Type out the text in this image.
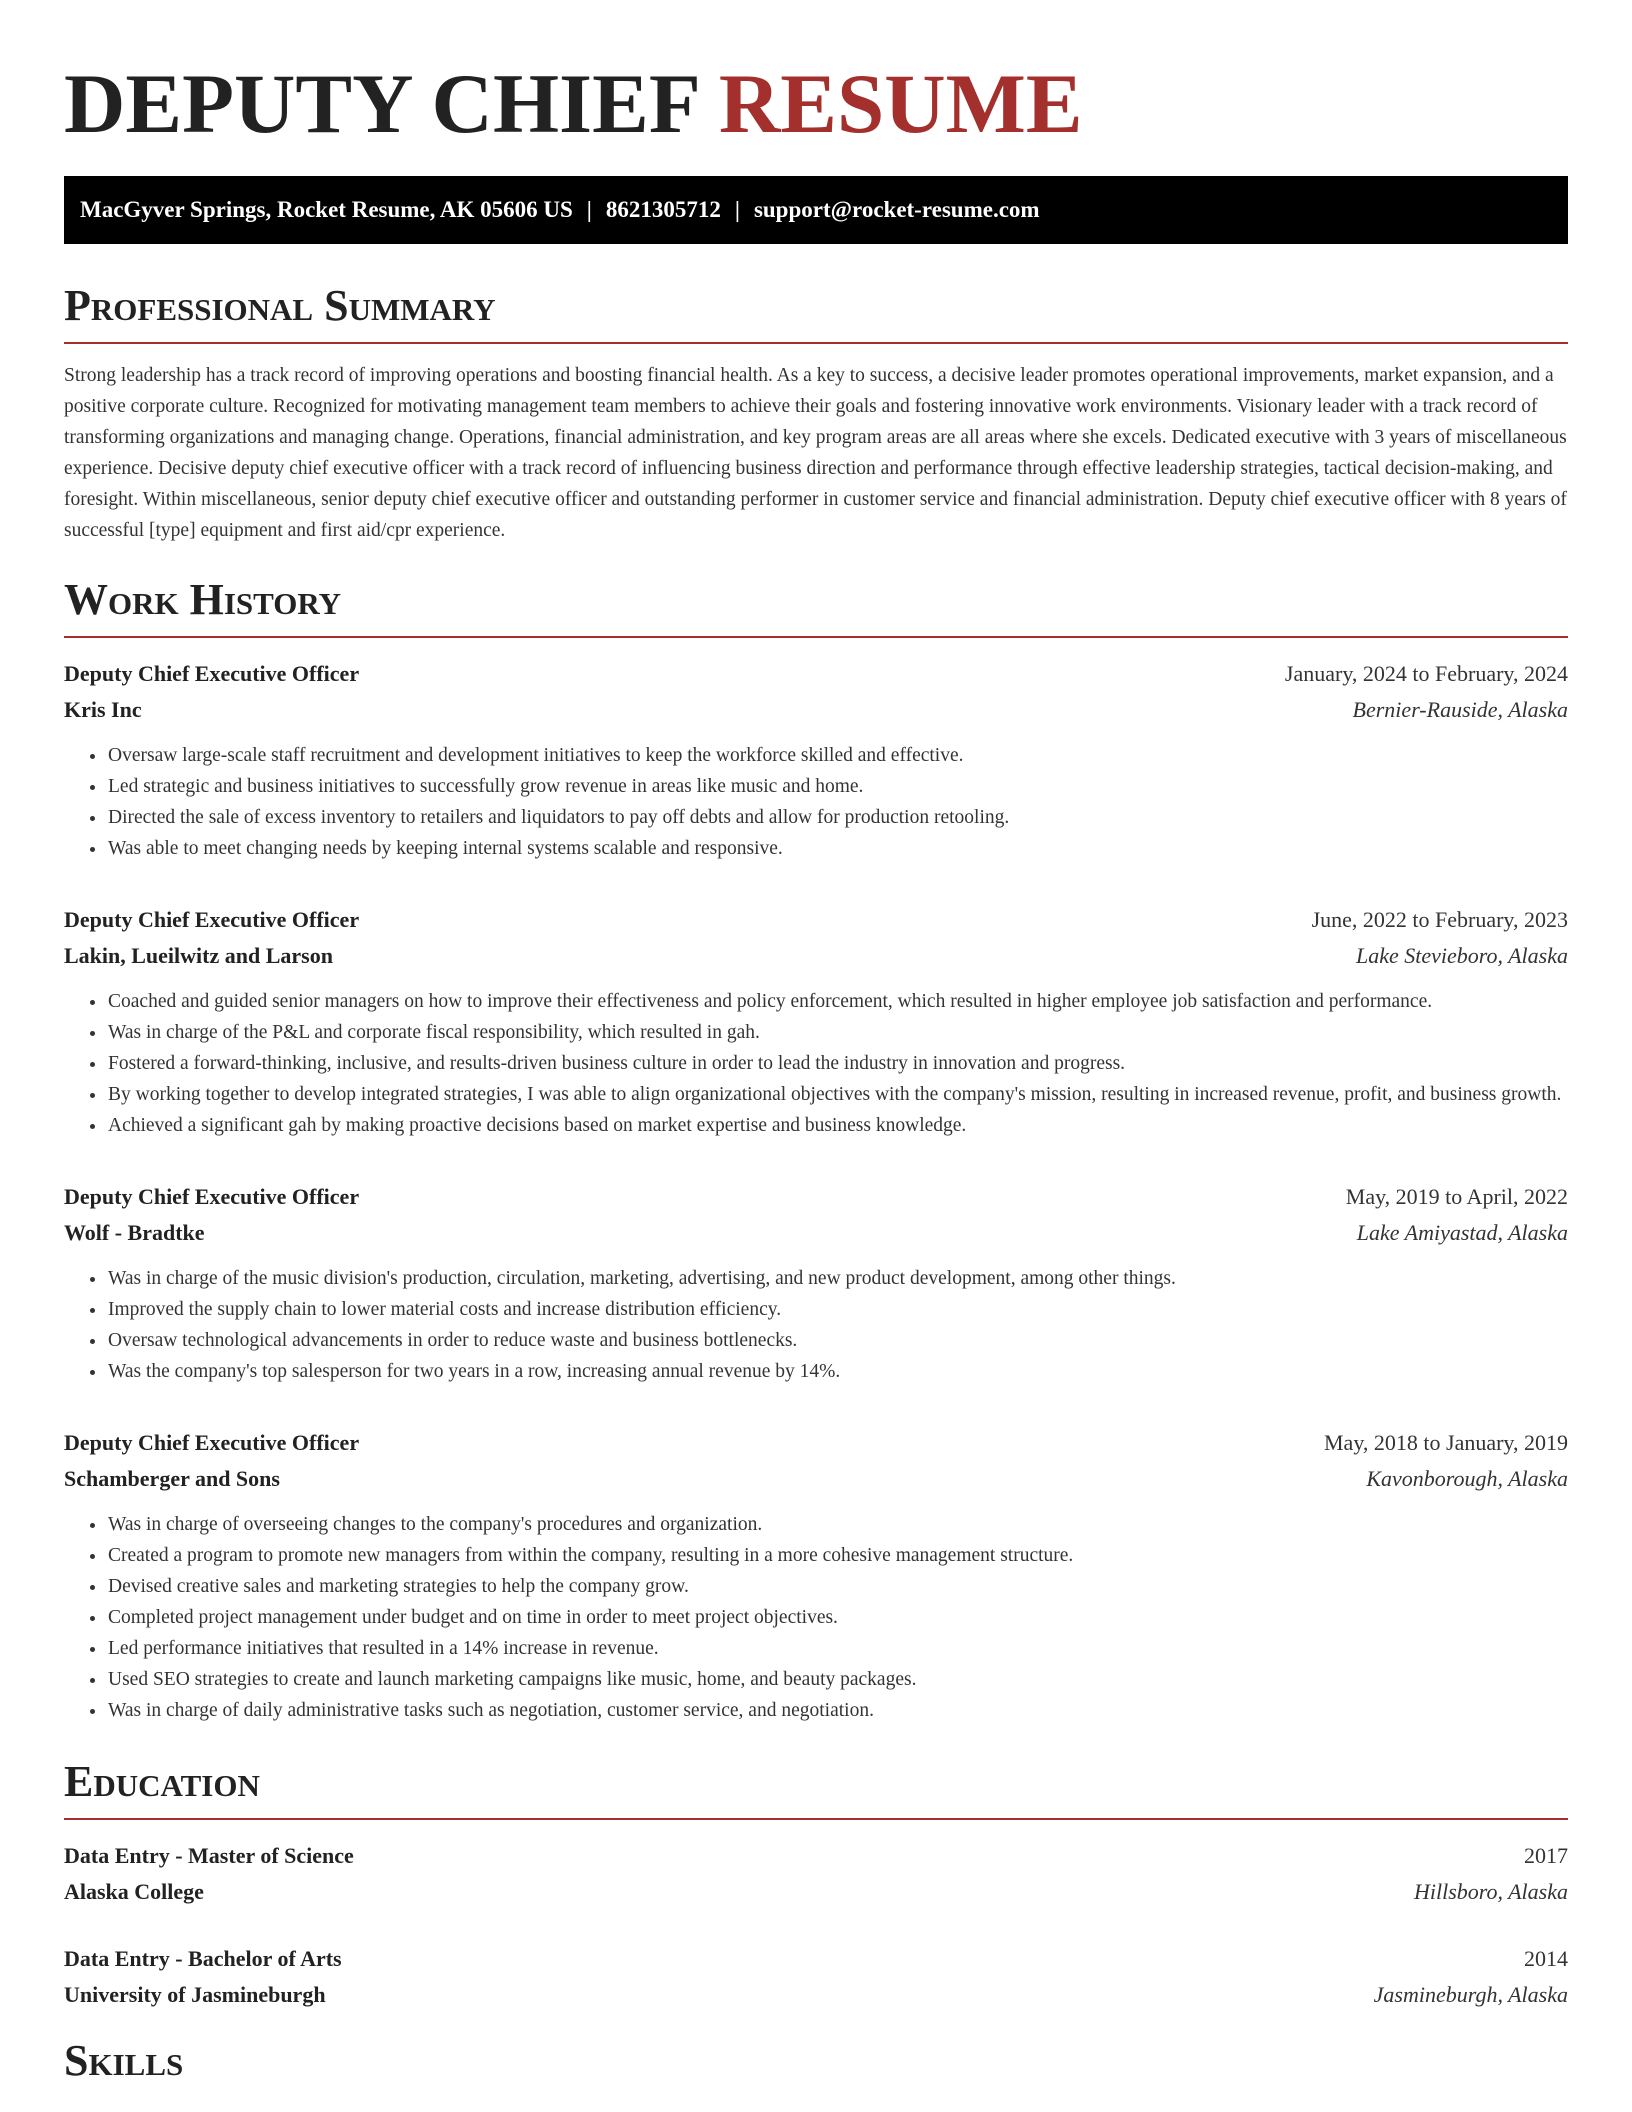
DEPUTY CHIEF RESUME
MacGyver Springs, Rocket Resume, AK 05606 US | 8621305712 | support@rocket-resume.com
Professional Summary

Strong leadership has a track record of improving operations and boosting financial health. As a key to success, a decisive leader promotes operational improvements, market expansion, and a positive corporate culture. Recognized for motivating management team members to achieve their goals and fostering innovative work environments. Visionary leader with a track record of transforming organizations and managing change. Operations, financial administration, and key program areas are all areas where she excels. Dedicated executive with 3 years of miscellaneous experience. Decisive deputy chief executive officer with a track record of influencing business direction and performance through effective leadership strategies, tactical decision-making, and foresight. Within miscellaneous, senior deputy chief executive officer and outstanding performer in customer service and financial administration. Deputy chief executive officer with 8 years of successful [type] equipment and first aid/cpr experience.

Work History
Deputy Chief Executive Officer	January, 2024 to February, 2024
Kris Inc	Bernier-Rauside, Alaska
• Oversaw large-scale staff recruitment and development initiatives to keep the workforce skilled and effective.
• Led strategic and business initiatives to successfully grow revenue in areas like music and home.
• Directed the sale of excess inventory to retailers and liquidators to pay off debts and allow for production retooling.
• Was able to meet changing needs by keeping internal systems scalable and responsive.
Deputy Chief Executive Officer	June, 2022 to February, 2023
Lakin, Lueilwitz and Larson	Lake Stevieboro, Alaska
• Coached and guided senior managers on how to improve their effectiveness and policy enforcement, which resulted in higher employee job satisfaction and performance.
• Was in charge of the P&L and corporate fiscal responsibility, which resulted in gah.
• Fostered a forward-thinking, inclusive, and results-driven business culture in order to lead the industry in innovation and progress.
• By working together to develop integrated strategies, I was able to align organizational objectives with the company's mission, resulting in increased revenue, profit, and business growth.
• Achieved a significant gah by making proactive decisions based on market expertise and business knowledge.
Deputy Chief Executive Officer	May, 2019 to April, 2022
Wolf - Bradtke	Lake Amiyastad, Alaska
• Was in charge of the music division's production, circulation, marketing, advertising, and new product development, among other things.
• Improved the supply chain to lower material costs and increase distribution efficiency.
• Oversaw technological advancements in order to reduce waste and business bottlenecks.
• Was the company's top salesperson for two years in a row, increasing annual revenue by 14%.
Deputy Chief Executive Officer	May, 2018 to January, 2019
Schamberger and Sons	Kavonborough, Alaska
• Was in charge of overseeing changes to the company's procedures and organization.
• Created a program to promote new managers from within the company, resulting in a more cohesive management structure.
• Devised creative sales and marketing strategies to help the company grow.
• Completed project management under budget and on time in order to meet project objectives.
• Led performance initiatives that resulted in a 14% increase in revenue.
• Used SEO strategies to create and launch marketing campaigns like music, home, and beauty packages.
• Was in charge of daily administrative tasks such as negotiation, customer service, and negotiation.
Education
Data Entry - Master of Science	2017
Alaska College	Hillsboro, Alaska
Data Entry - Bachelor of Arts	2014
University of Jasmineburgh	Jasmineburgh, Alaska
Skills
